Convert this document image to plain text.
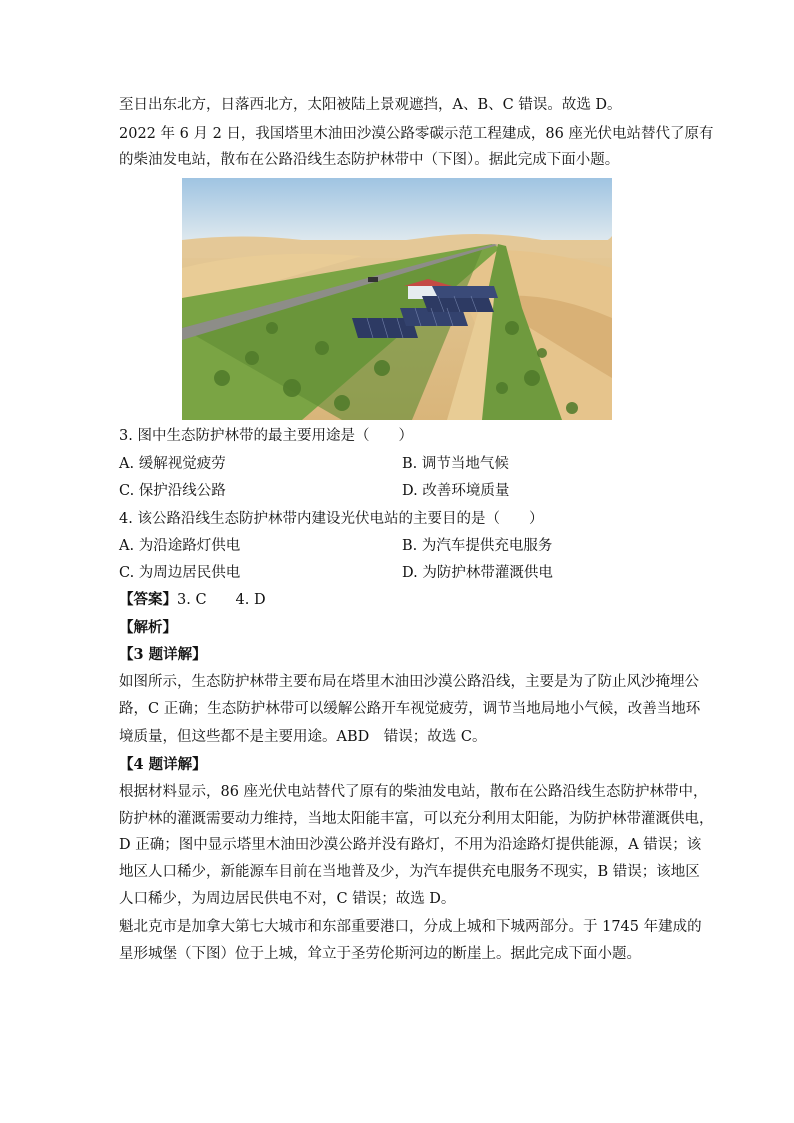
至日出东北方，日落西北方，太阳被陆上景观遮挡，A、B、C 错误。故选 D。
2022 年 6 月 2 日，我国塔里木油田沙漠公路零碳示范工程建成，86 座光伏电站替代了原有
的柴油发电站，散布在公路沿线生态防护林带中（下图）。据此完成下面小题。
3. 图中生态防护林带的最主要用途是（　　）
A. 缓解视觉疲劳	B. 调节当地气候
C. 保护沿线公路	D. 改善环境质量
4. 该公路沿线生态防护林带内建设光伏电站的主要目的是（　　）
A. 为沿途路灯供电	B. 为汽车提供充电服务
C. 为周边居民供电	D. 为防护林带灌溉供电
【答案】3. C　　4. D
【解析】
【3 题详解】
如图所示，生态防护林带主要布局在塔里木油田沙漠公路沿线，主要是为了防止风沙掩埋公
路，C 正确；生态防护林带可以缓解公路开车视觉疲劳，调节当地局地小气候，改善当地环
境质量，但这些都不是主要用途。ABD　错误；故选 C。
【4 题详解】
根据材料显示，86 座光伏电站替代了原有的柴油发电站，散布在公路沿线生态防护林带中，
防护林的灌溉需要动力维持，当地太阳能丰富，可以充分利用太阳能，为防护林带灌溉供电，
D 正确；图中显示塔里木油田沙漠公路并没有路灯，不用为沿途路灯提供能源，A 错误；该
地区人口稀少，新能源车目前在当地普及少，为汽车提供充电服务不现实，B 错误；该地区
人口稀少，为周边居民供电不对，C 错误；故选 D。
魁北克市是加拿大第七大城市和东部重要港口，分成上城和下城两部分。于 1745 年建成的
星形城堡（下图）位于上城，耸立于圣劳伦斯河边的断崖上。据此完成下面小题。
